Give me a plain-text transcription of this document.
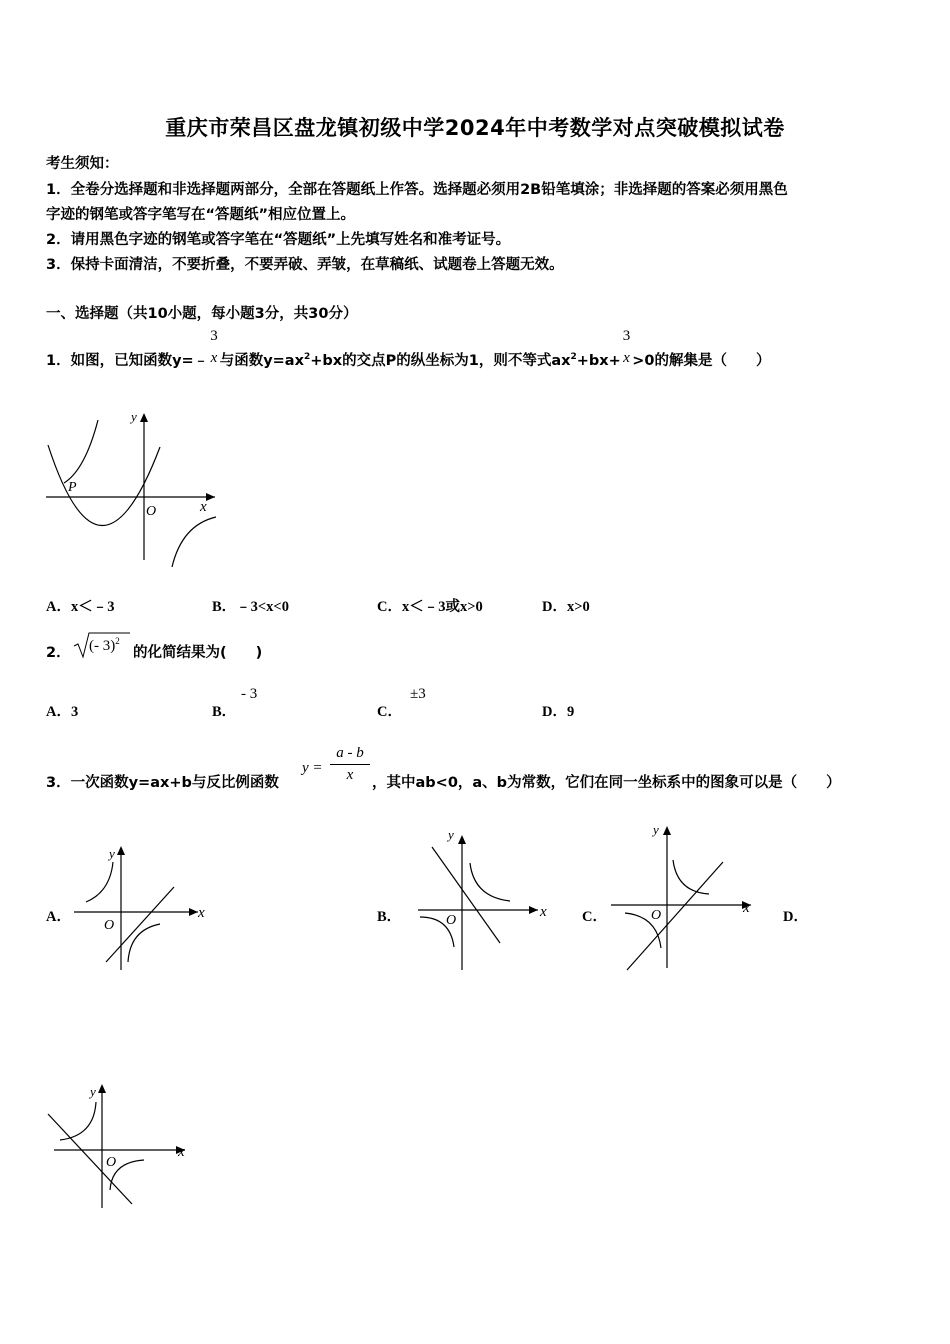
重庆市荣昌区盘龙镇初级中学2024年中考数学对点突破模拟试卷
考生须知：
1．全卷分选择题和非选择题两部分，全部在答题纸上作答。选择题必须用2B铅笔填涂；非选择题的答案必须用黑色
字迹的钢笔或答字笔写在“答题纸”相应位置上。
2．请用黑色字迹的钢笔或答字笔在“答题纸”上先填写姓名和准考证号。
3．保持卡面清洁，不要折叠，不要弄破、弄皱，在草稿纸、试题卷上答题无效。
一、选择题（共10小题，每小题3分，共30分）
1．如图，已知函数y=﹣
3
x 与函数$y=ax^2+bx$的交点P的纵坐标为1，则不等式$ax^2+bx+$
3
x >0的解集是（　　）
y
x
O
P
A．x＜﹣3	B．﹣3<x<0	C．x＜﹣3或x>0	D．x>0
2． (- 3)$^2$
的化简结果为(　　)
A．3	B．
- 3
C．
±3
D．9
3．一次函数y=ax+b与反比例函数
y =
a - b
x	，其中ab<0，a、b为常数，它们在同一坐标系中的图象可以是（　　）
A．	B．	C．	D．
y
x
O
y
x
O
y
x
O
y
x
O
